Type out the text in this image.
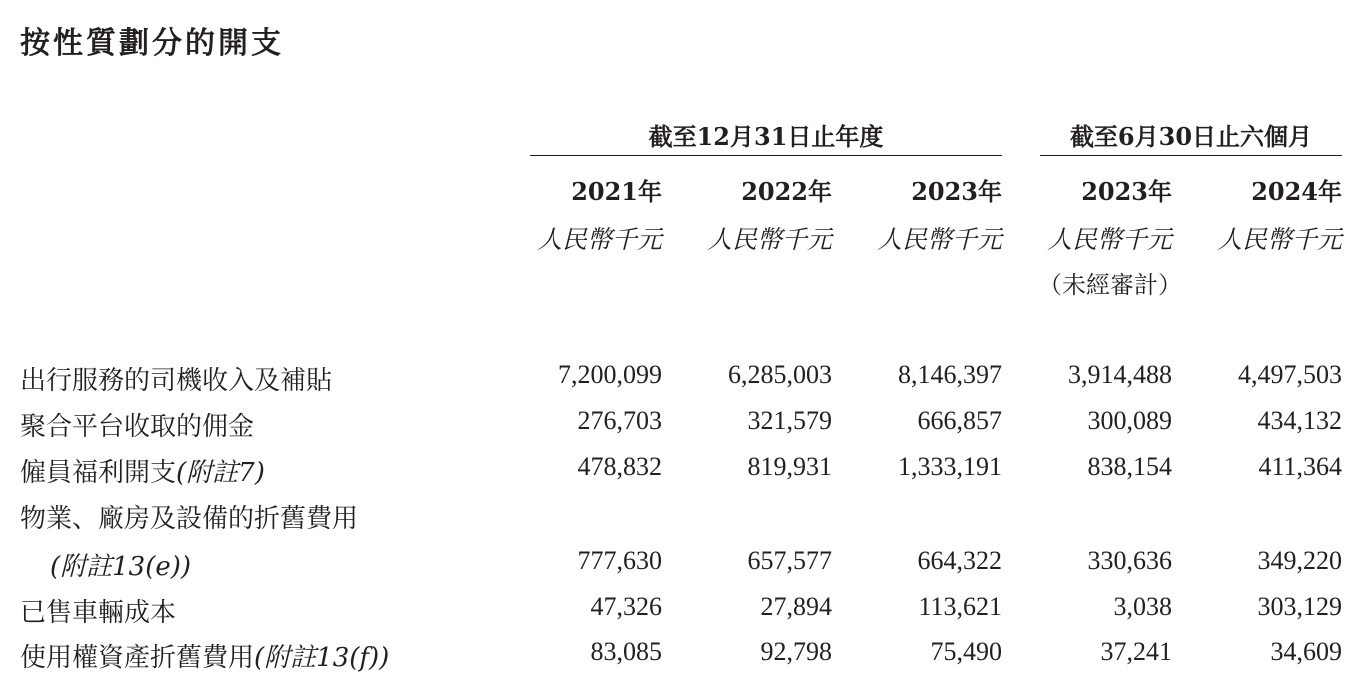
按性質劃分的開支
截至12月31日止年度	截至6月30日止六個月
2021年	2022年	2023年	2023年	2024年
人民幣千元	人民幣千元	人民幣千元	人民幣千元	人民幣千元
（未經審計）
出行服務的司機收入及補貼	7,200,099	6,285,003	8,146,397	3,914,488	4,497,503
聚合平台收取的佣金	276,703	321,579	666,857	300,089	434,132
僱員福利開支(附註7)	478,832	819,931	1,333,191	838,154	411,364
物業、廠房及設備的折舊費用
(附註13(e))	777,630	657,577	664,322	330,636	349,220
已售車輛成本	47,326	27,894	113,621	3,038	303,129
使用權資產折舊費用(附註13(f))	83,085	92,798	75,490	37,241	34,609
